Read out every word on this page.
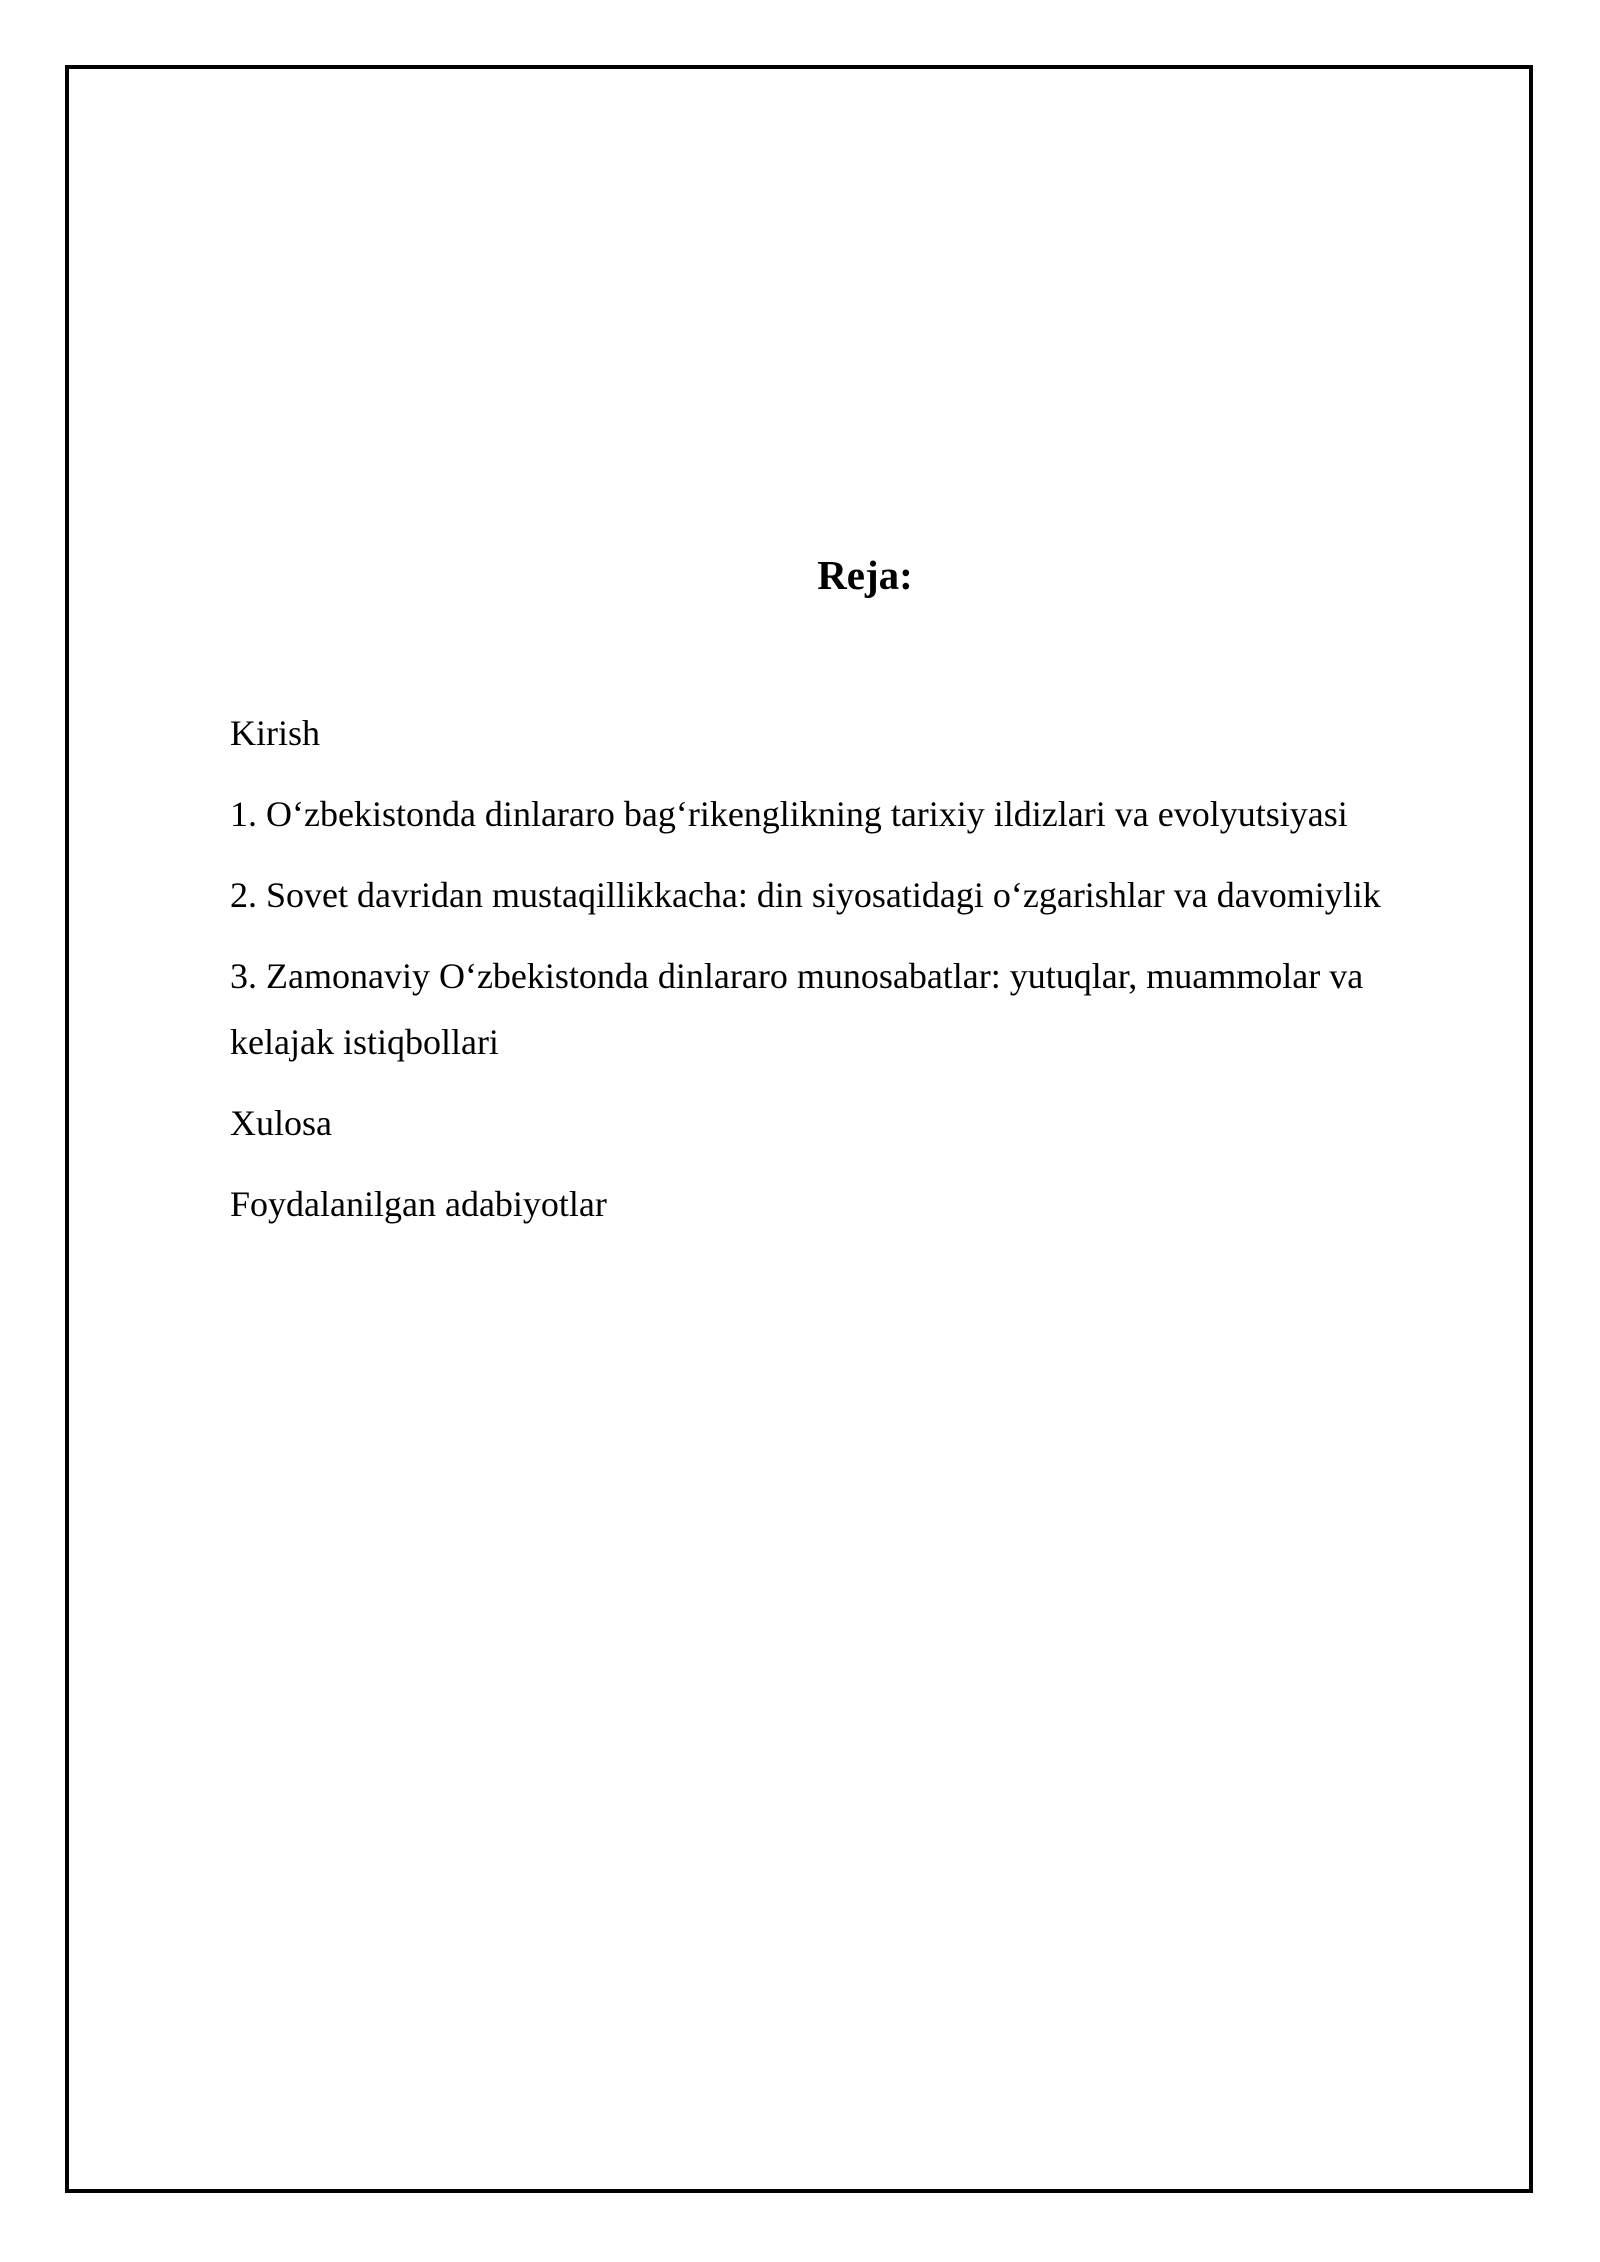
Reja:
Kirish
1. O‘zbekistonda dinlararo bag‘rikenglikning tarixiy ildizlari va evolyutsiyasi
2. Sovet davridan mustaqillikkacha: din siyosatidagi o‘zgarishlar va davomiylik
3. Zamonaviy O‘zbekistonda dinlararo munosabatlar: yutuqlar, muammolar va kelajak istiqbollari
Xulosa
Foydalanilgan adabiyotlar
